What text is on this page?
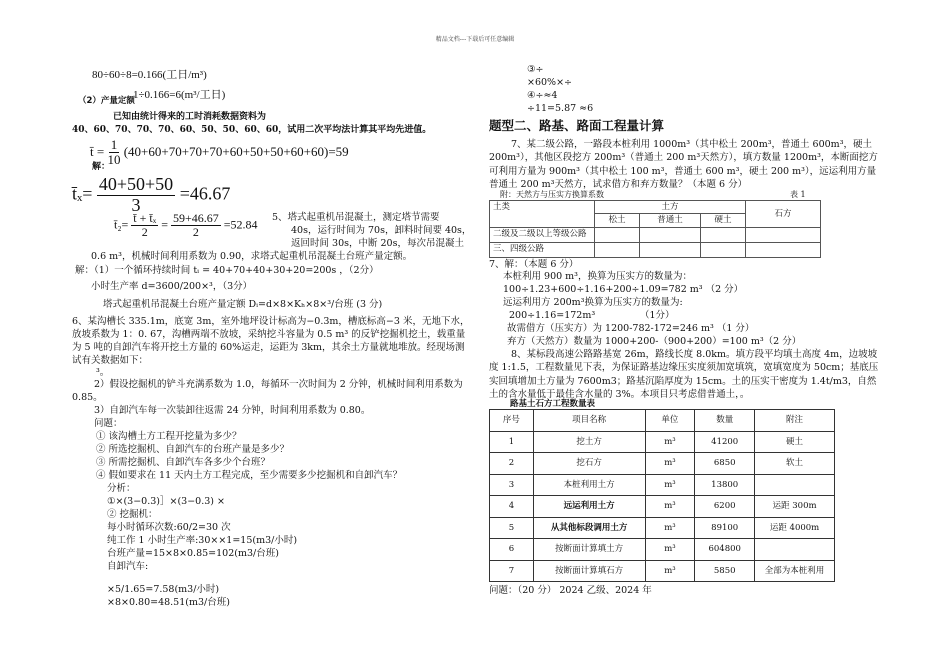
精品文档---下载后可任意编辑
80÷60÷8=0.166(工日/m³)
（2）产量定额
1÷0.166=6(m³/工日)
已知由统计得来的工时消耗数据资料为
40、60、70、70、70、60、50、50、60、60，试用二次平均法计算其平均先进值。
t̄ = $\frac{1}{10} (40+60+70+70+70+60+50+50+60+60)=59$
解：
t̄ₓ= $\frac{40+50+50}{3} =46.67$
t̄₂= $\frac{\text{t̄ + t̄ₓ}}{2} = \frac{59+46.67}{2} =52.84$ 5、塔式起重机吊混凝土，测定塔节需要
40s，运行时间为 70s，卸料时间要 40s，
返回时间 30s，中断 20s，每次吊混凝土
0.6 m³，机械时间利用系数为 0.90，求塔式起重机吊混凝土台班产量定额。
解：（1）一个循环持续时间 tᵢ = 40+70+40+30+20=200s ，（2分）
小时生产率 d=3600/200×³，（3分）
塔式起重机吊混凝土台班产量定额 Dᵢ=d×8×Kₕ×8×³/台班 (3 分)
6、某沟槽长 335.1m，底宽 3m，室外地坪设计标高为−0.3m，槽底标高−3 米，无地下水，放坡系数为 1：0. 67，沟槽两端不放坡，采纳挖斗容量为 0.5 m³ 的反铲挖掘机挖土，载重量为 5 吨的自卸汽车将开挖土方量的 60%运走，运距为 3km，其余土方量就地堆放。经现场测试有关数据如下：
³。
2）假设挖掘机的铲斗充满系数为 1.0，每循环一次时间为 2 分钟，机械时间利用系数为 0.85。
3）自卸汽车每一次装卸往返需 24 分钟，时间利用系数为 0.80。
问题：
① 该沟槽土方工程开挖量为多少？
② 所选挖掘机、自卸汽车的台班产量是多少？
③ 所需挖掘机、自卸汽车各多少个台班？
④ 假如要求在 11 天内土方工程完成，至少需要多少挖掘机和自卸汽车？
分析：
①×(3−0.3)］×(3−0.3) ×
② 挖掘机：
每小时循环次数:60/2=30 次
纯工作 1 小时生产率:30××1=15(m3/小时)
台班产量=15×8×0.85=102(m3/台班)
自卸汽车:
×5/1.65=7.58(m3/小时)
×8×0.80=48.51(m3/台班)
③÷
×60%×÷
④÷≈4
÷11=5.87 ≈6
题型二、路基、路面工程量计算
7、某二级公路，一路段本桩利用 1000m³（其中松土 200m³，普通土 600m³，硬土 200m³），其他区段挖方 200m³（普通土 200 m³天然方），填方数量 1200m³，本断面挖方可利用方量为 900m³（其中松土 100 m³，普通土 600 m³，硬土 200 m³），远运利用方量普通土 200 m³天然方，试求借方和弃方数量？（本题 6 分）
附：天然方与压实方换算系数	表 1
土类	土方			石方
	松土	普通土	硬土	
二级及二级以上等级公路				
三、四级公路				
7、解：（本题 6 分）
本桩利用 900 m³，换算为压实方的数量为：
100÷1.23+600÷1.16+200÷1.09=782 m³ （2 分）
远运利用方 200m³换算为压实方的数量为:
200÷1.16=172m³	（1分）
故需借方（压实方）为 1200-782-172=246 m³ （1 分）
弃方（天然方）数量为 1000+200-（900+200）=100 m³（2 分）
8、某标段高速公路路基宽 26m，路线长度 8.0km。填方段平均填土高度 4m，边坡坡度 1:1.5，工程数量见下表，为保证路基边缘压实度须加宽填筑，宽填宽度为 50cm；基底压实回填增加土方量为 7600m3；路基沉陷厚度为 15cm。土的压实干密度为 1.4t/m3，自然土的含水量低于最佳含水量的 3%。本项目只考虑借普通土，。
路基土石方工程数量表
序号	项目名称	单位	数量	附注
1	挖土方	m³	41200	硬土
2	挖石方	m³	6850	软土
3	本桩利用土方	m³	13800	
4	远运利用土方	m³	6200	运距 300m
5	从其他标段调用土方	m³	89100	运距 4000m
6	按断面计算填土方	m³	604800	
7	按断面计算填石方	m³	5850	全部为本桩利用
问题：（20 分） 2024 乙级、2024 年
